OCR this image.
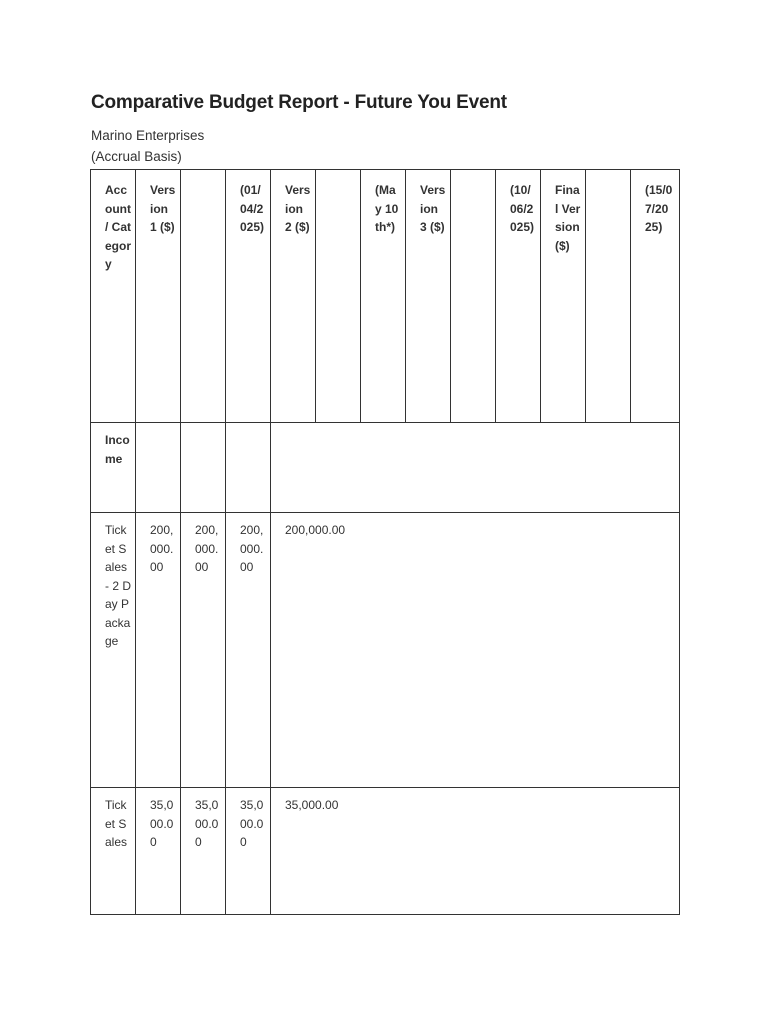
Comparative Budget Report - Future You Event
Marino Enterprises
(Accrual Basis)
Account / Category	Version 1 ($)		(01/04/2025)	Version 2 ($)		(May 10th*)	Version 3 ($)		(10/06/2025)	Final Version ($)		(15/07/2025)
Income												
Ticket Sales - 2 Day Package	200,000.00	200,000.00	200,000.00	200,000.00								
Ticket Sales	35,000.00	35,000.00	35,000.00	35,000.00								
